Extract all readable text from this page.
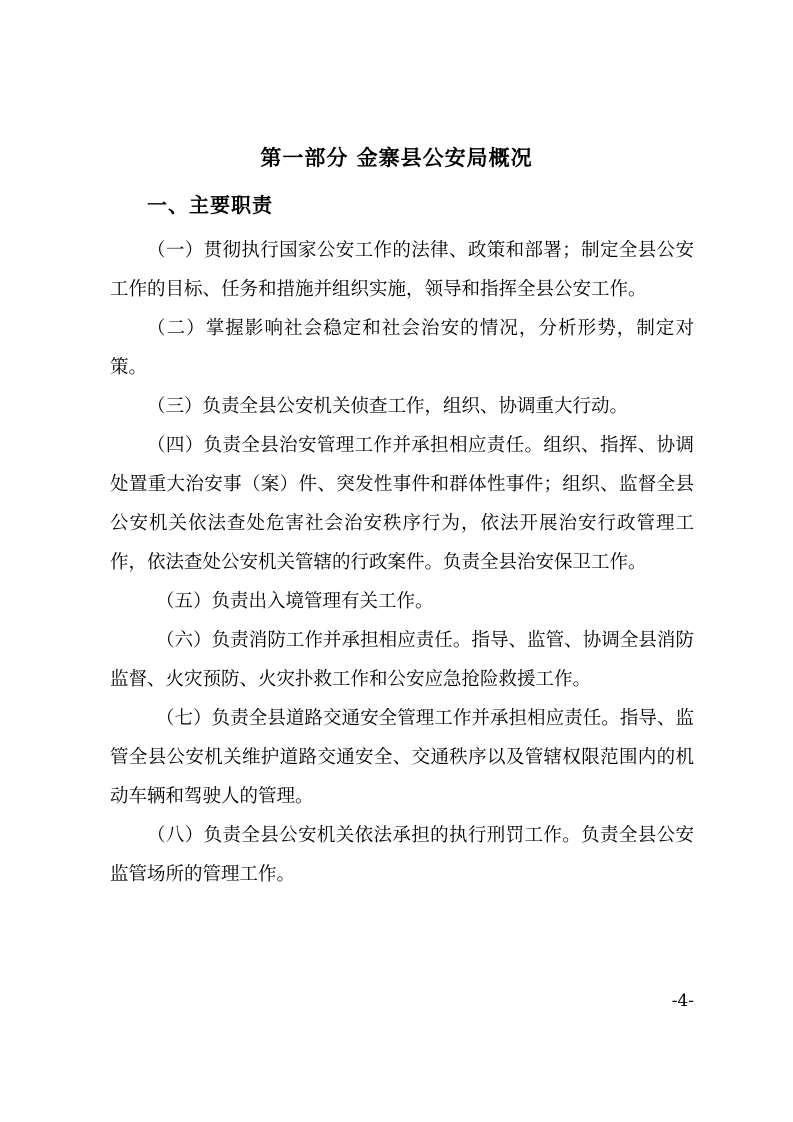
第一部分 金寨县公安局概况
一、主要职责

（一）贯彻执行国家公安工作的法律、政策和部署；制定全县公安工作的目标、任务和措施并组织实施，领导和指挥全县公安工作。

（二）掌握影响社会稳定和社会治安的情况，分析形势，制定对策。

（三）负责全县公安机关侦查工作，组织、协调重大行动。

（四）负责全县治安管理工作并承担相应责任。组织、指挥、协调处置重大治安事（案）件、突发性事件和群体性事件；组织、监督全县公安机关依法查处危害社会治安秩序行为，依法开展治安行政管理工作，依法查处公安机关管辖的行政案件。负责全县治安保卫工作。

（五）负责出入境管理有关工作。

（六）负责消防工作并承担相应责任。指导、监管、协调全县消防监督、火灾预防、火灾扑救工作和公安应急抢险救援工作。

（七）负责全县道路交通安全管理工作并承担相应责任。指导、监管全县公安机关维护道路交通安全、交通秩序以及管辖权限范围内的机动车辆和驾驶人的管理。

（八）负责全县公安机关依法承担的执行刑罚工作。负责全县公安监管场所的管理工作。

-4-
